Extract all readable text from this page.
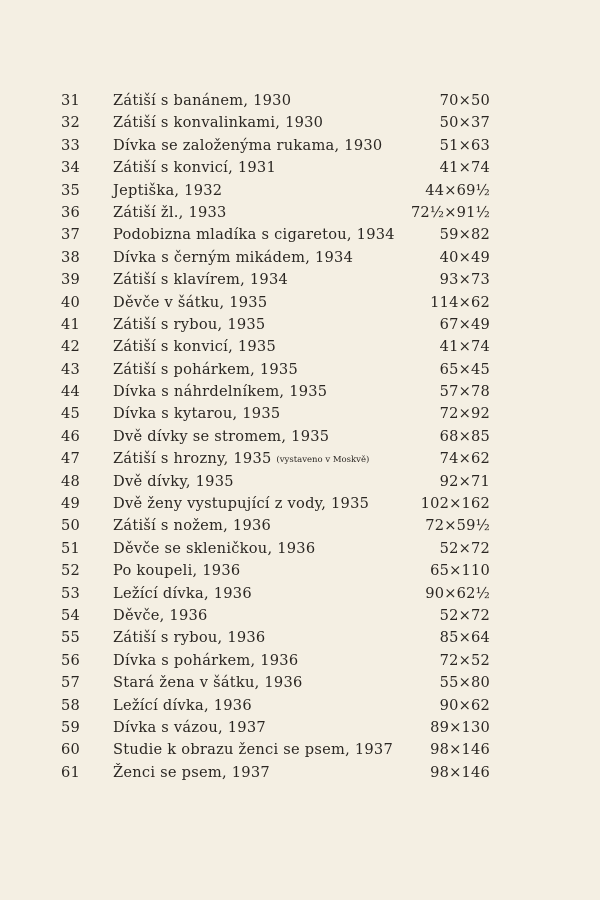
31 Zátiší s banánem, 1930	70×50
32 Zátiší s konvalinkami, 1930	50×37
33 Dívka se založenýma rukama, 1930	51×63
34 Zátiší s konvicí, 1931	41×74
35 Jeptiška, 1932	44×69½
36 Zátiší žl., 1933	72½×91½
37 Podobizna mladíka s cigaretou, 1934	59×82
38 Dívka s černým mikádem, 1934	40×49
39 Zátiší s klavírem, 1934	93×73
40 Děvče v šátku, 1935	114×62
41 Zátiší s rybou, 1935	67×49
42 Zátiší s konvicí, 1935	41×74
43 Zátiší s pohárkem, 1935	65×45
44 Dívka s náhrdelníkem, 1935	57×78
45 Dívka s kytarou, 1935	72×92
46 Dvě dívky se stromem, 1935	68×85
47 Zátiší s hrozny, 1935 (vystaveno v Moskvě)	74×62
48 Dvě dívky, 1935	92×71
49 Dvě ženy vystupující z vody, 1935	102×162
50 Zátiší s nožem, 1936	72×59½
51 Děvče se skleničkou, 1936	52×72
52 Po koupeli, 1936	65×110
53 Ležící dívka, 1936	90×62½
54 Děvče, 1936	52×72
55 Zátiší s rybou, 1936	85×64
56 Dívka s pohárkem, 1936	72×52
57 Stará žena v šátku, 1936	55×80
58 Ležící dívka, 1936	90×62
59 Dívka s vázou, 1937	89×130
60 Studie k obrazu ženci se psem, 1937	98×146
61 Ženci se psem, 1937	98×146
